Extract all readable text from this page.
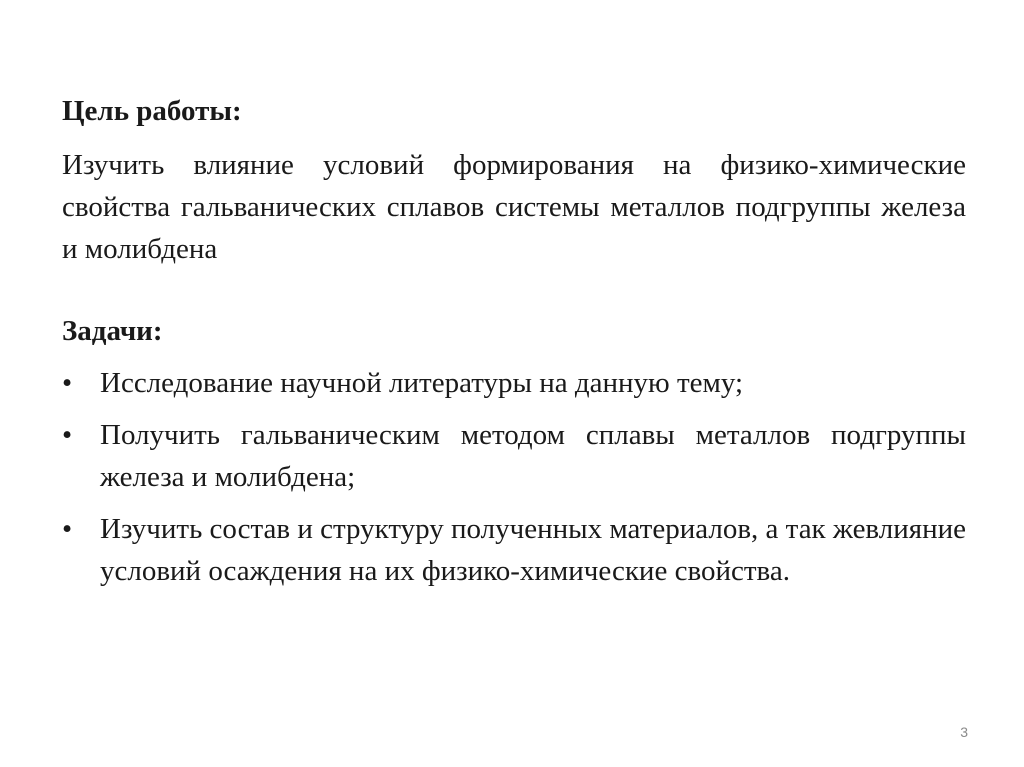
Цель работы:

Изучить влияние условий формирования на физико-химические свойства гальванических сплавов системы металлов подгруппы железа и молибдена

Задачи:

• Исследование научной литературы на данную тему;
• Получить гальваническим методом сплавы металлов подгруппы железа и молибдена;
• Изучить состав и структуру полученных материалов, а так жевлияние условий осаждения на их физико-химические свойства.
3
